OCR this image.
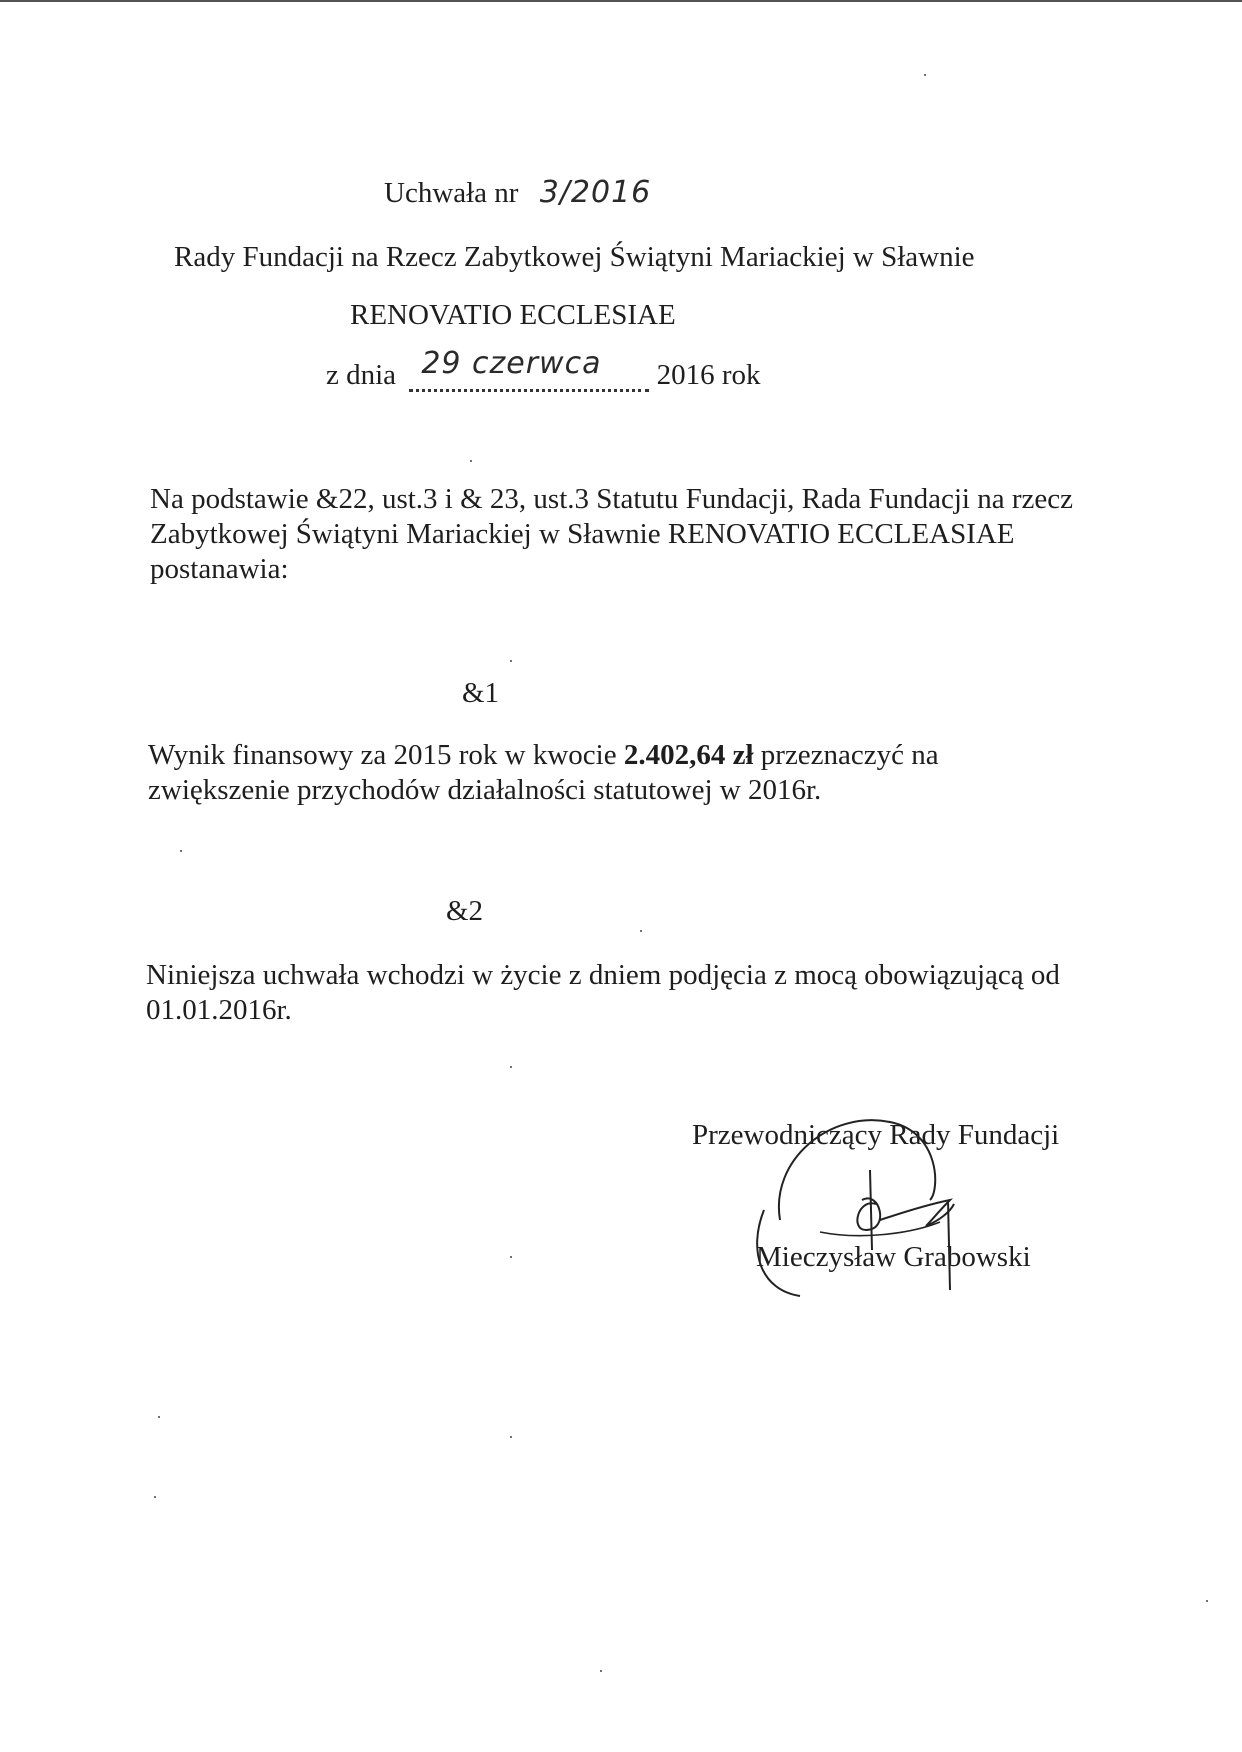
Uchwała nr 3/2016
Rady Fundacji na Rzecz Zabytkowej Świątyni Mariackiej w Sławnie
RENOVATIO ECCLESIAE
z dnia 29 czerwca 2016 rok
Na podstawie &22, ust.3 i & 23, ust.3 Statutu Fundacji, Rada Fundacji na rzecz
Zabytkowej Świątyni Mariackiej w Sławnie RENOVATIO ECCLEASIAE
postanawia:
&1
Wynik finansowy za 2015 rok w kwocie 2.402,64 zł przeznaczyć na
zwiększenie przychodów działalności statutowej w 2016r.
&2
Niniejsza uchwała wchodzi w życie z dniem podjęcia z mocą obowiązującą od
01.01.2016r.
Przewodniczący Rady Fundacji
Mieczysław Grabowski
